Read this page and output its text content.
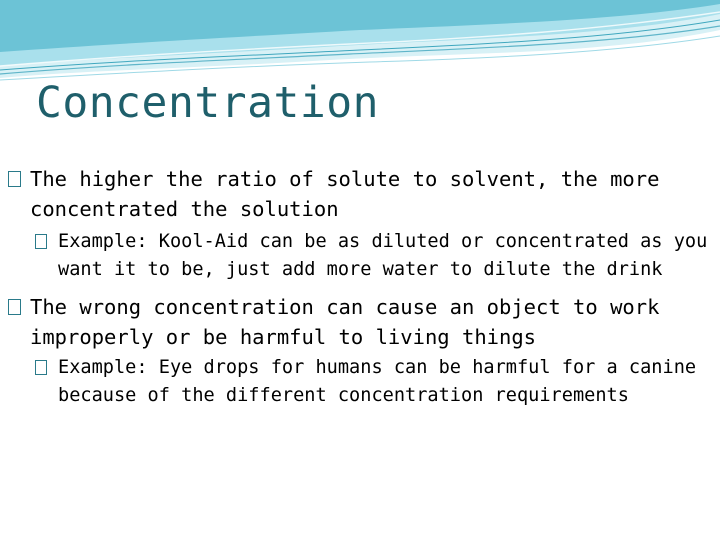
Concentration

The higher the ratio of solute to solvent, the more concentrated the solution

Example: Kool-Aid can be as diluted or concentrated as you want it to be, just add more water to dilute the drink

The wrong concentration can cause an object to work improperly or be harmful to living things

Example: Eye drops for humans can be harmful for a canine because of the different concentration requirements
